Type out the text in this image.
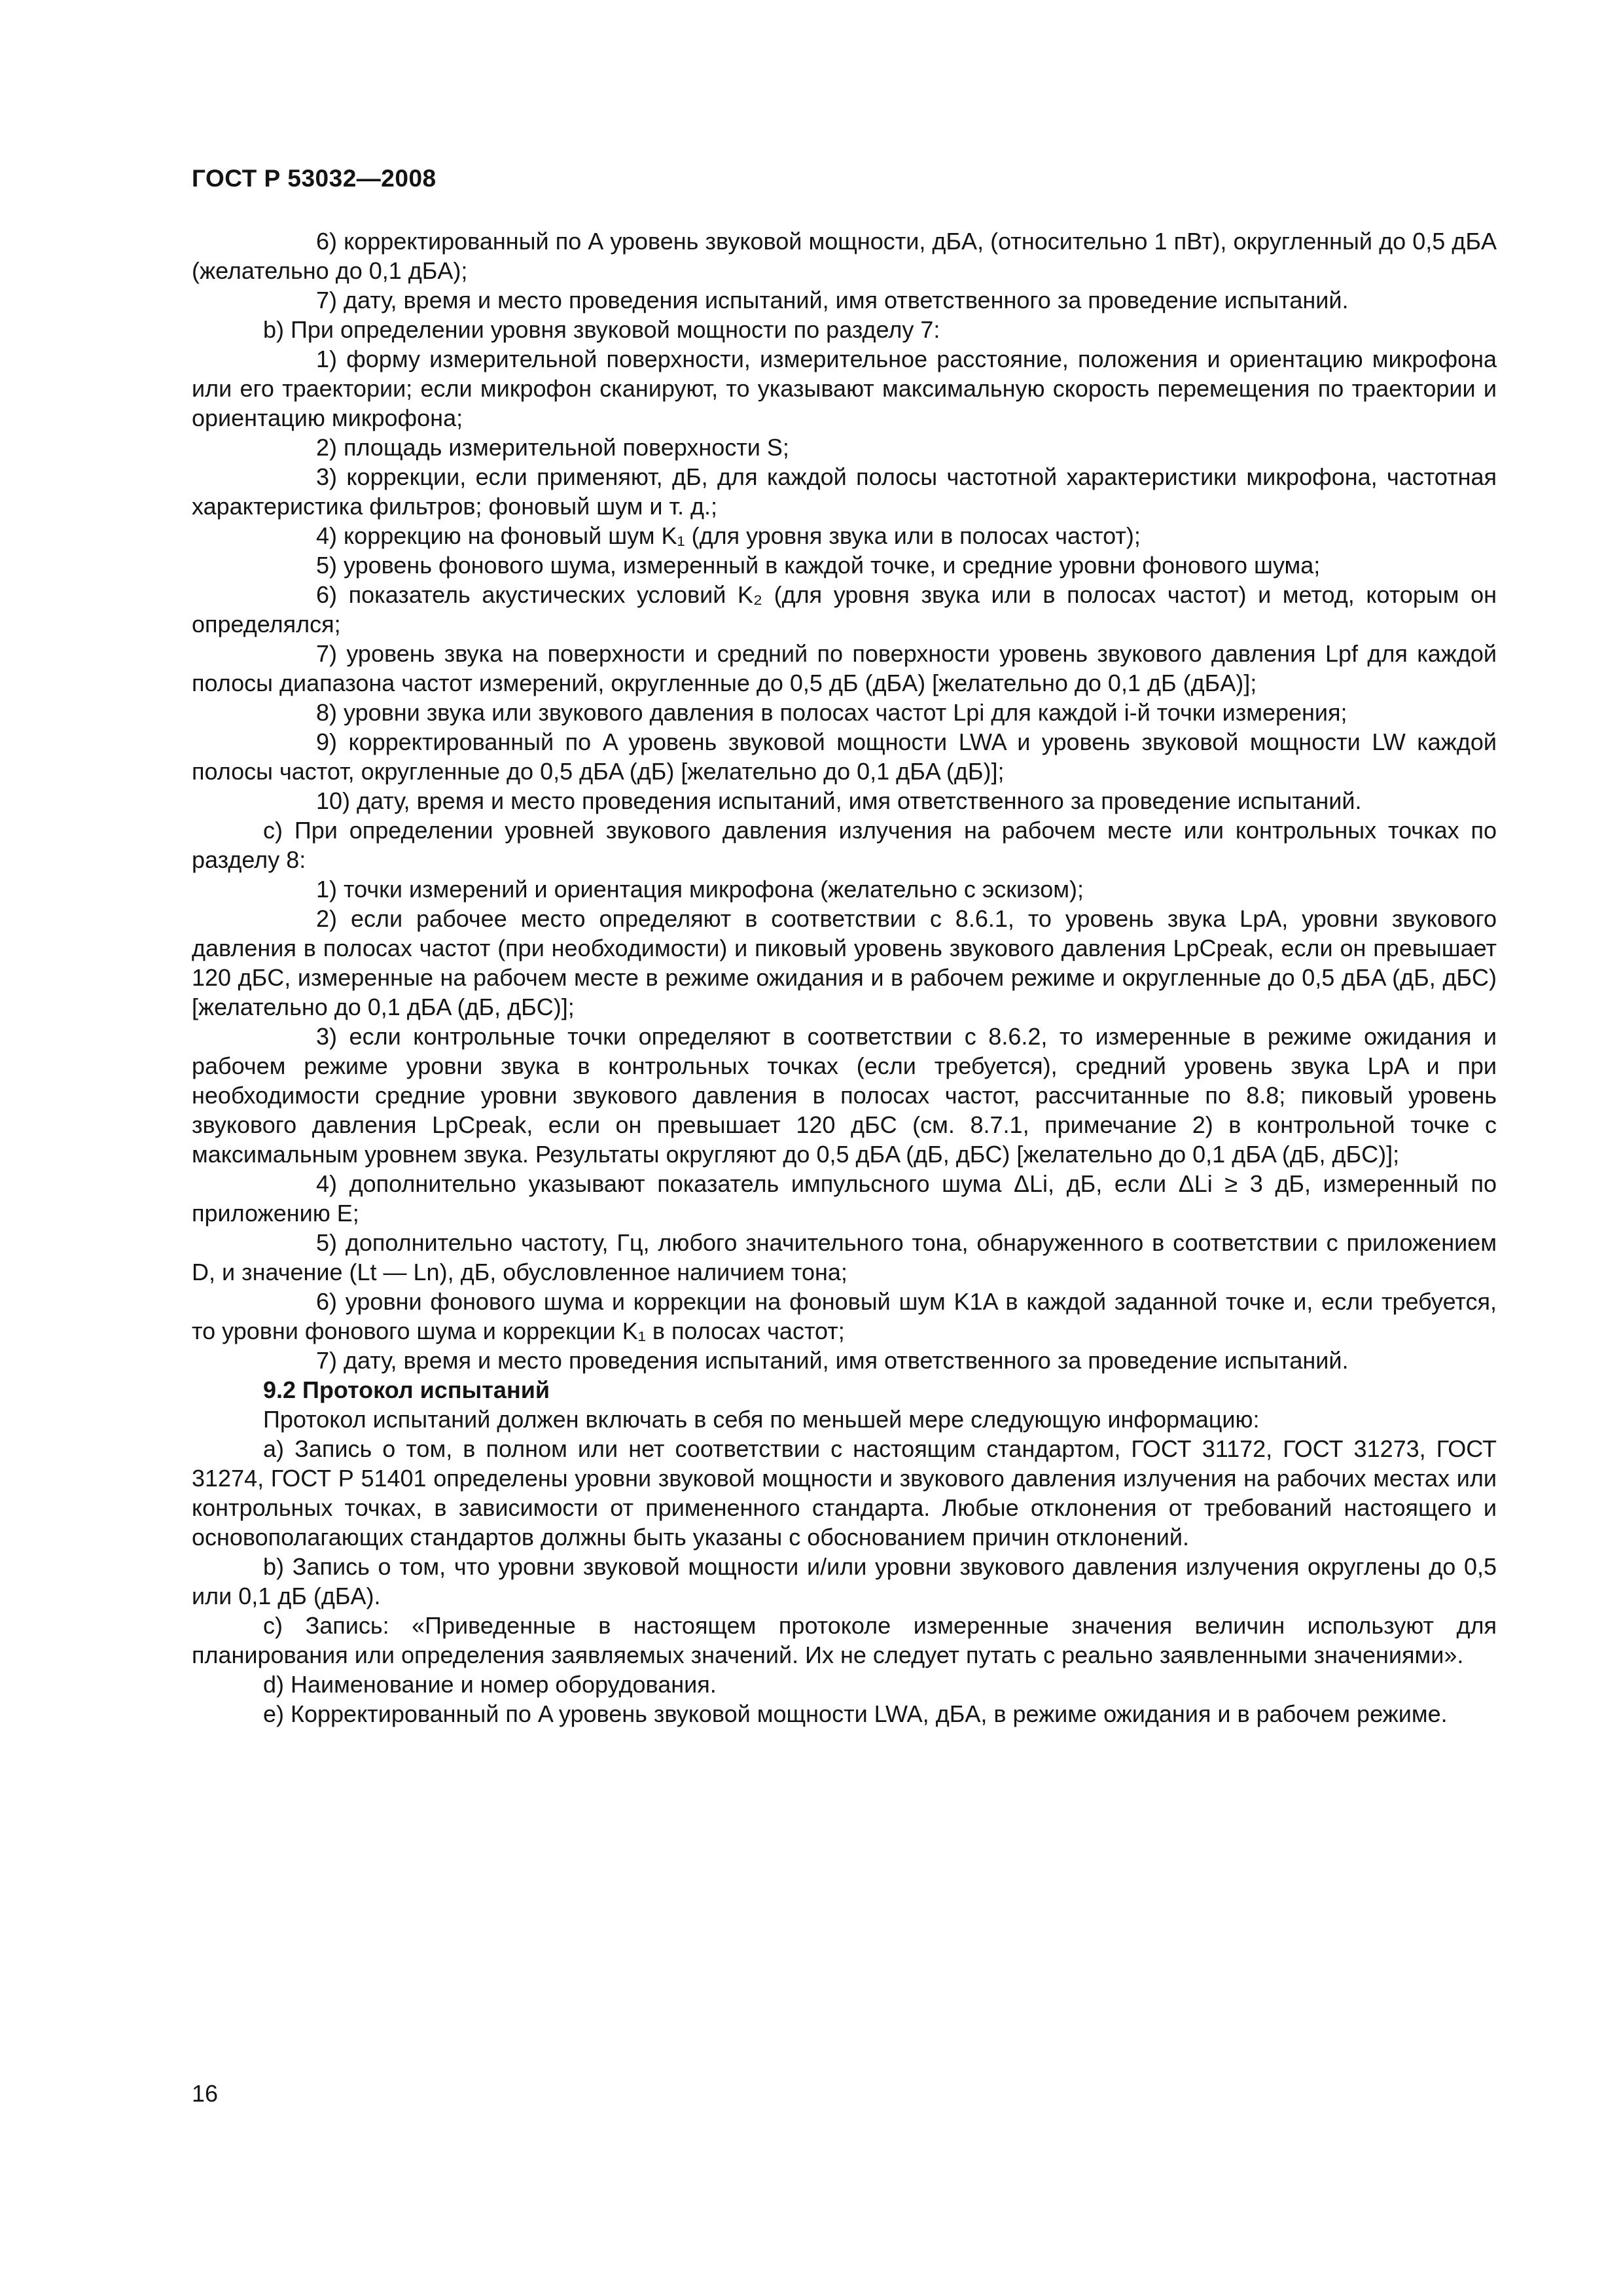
ГОСТ Р 53032—2008

6) корректированный по А уровень звуковой мощности, дБA, (относительно 1 пВт), округленный до 0,5 дБA (желательно до 0,1 дБA);

7) дату, время и место проведения испытаний, имя ответственного за проведение испытаний.

b) При определении уровня звуковой мощности по разделу 7:

1) форму измерительной поверхности, измерительное расстояние, положения и ориентацию микрофона или его траектории; если микрофон сканируют, то указывают максимальную скорость перемещения по траектории и ориентацию микрофона;

2) площадь измерительной поверхности S;

3) коррекции, если применяют, дБ, для каждой полосы частотной характеристики микрофона, частотная характеристика фильтров; фоновый шум и т. д.;

4) коррекцию на фоновый шум K₁ (для уровня звука или в полосах частот);

5) уровень фонового шума, измеренный в каждой точке, и средние уровни фонового шума;

6) показатель акустических условий K₂ (для уровня звука или в полосах частот) и метод, которым он определялся;

7) уровень звука на поверхности и средний по поверхности уровень звукового давления Lpf для каждой полосы диапазона частот измерений, округленные до 0,5 дБ (дБA) [желательно до 0,1 дБ (дБA)];

8) уровни звука или звукового давления в полосах частот Lpi для каждой i-й точки измерения;

9) корректированный по A уровень звуковой мощности LWA и уровень звуковой мощности LW каждой полосы частот, округленные до 0,5 дБA (дБ) [желательно до 0,1 дБA (дБ)];

10) дату, время и место проведения испытаний, имя ответственного за проведение испытаний.

c) При определении уровней звукового давления излучения на рабочем месте или контрольных точках по разделу 8:

1) точки измерений и ориентация микрофона (желательно с эскизом);

2) если рабочее место определяют в соответствии с 8.6.1, то уровень звука LpA, уровни звукового давления в полосах частот (при необходимости) и пиковый уровень звукового давления LpCpeak, если он превышает 120 дБC, измеренные на рабочем месте в режиме ожидания и в рабочем режиме и округленные до 0,5 дБA (дБ, дБC) [желательно до 0,1 дБA (дБ, дБC)];

3) если контрольные точки определяют в соответствии с 8.6.2, то измеренные в режиме ожидания и рабочем режиме уровни звука в контрольных точках (если требуется), средний уровень звука LpA и при необходимости средние уровни звукового давления в полосах частот, рассчитанные по 8.8; пиковый уровень звукового давления LpCpeak, если он превышает 120 дБC (см. 8.7.1, примечание 2) в контрольной точке с максимальным уровнем звука. Результаты округляют до 0,5 дБA (дБ, дБC) [желательно до 0,1 дБA (дБ, дБC)];

4) дополнительно указывают показатель импульсного шума ΔLi, дБ, если ΔLi ≥ 3 дБ, измеренный по приложению E;

5) дополнительно частоту, Гц, любого значительного тона, обнаруженного в соответствии с приложением D, и значение (Lt — Ln), дБ, обусловленное наличием тона;

6) уровни фонового шума и коррекции на фоновый шум K1A в каждой заданной точке и, если требуется, то уровни фонового шума и коррекции K₁ в полосах частот;

7) дату, время и место проведения испытаний, имя ответственного за проведение испытаний.

9.2 Протокол испытаний

Протокол испытаний должен включать в себя по меньшей мере следующую информацию:

а) Запись о том, в полном или нет соответствии с настоящим стандартом, ГОСТ 31172, ГОСТ 31273, ГОСТ 31274, ГОСТ Р 51401 определены уровни звуковой мощности и звукового давления излучения на рабочих местах или контрольных точках, в зависимости от примененного стандарта. Любые отклонения от требований настоящего и основополагающих стандартов должны быть указаны с обоснованием причин отклонений.

b) Запись о том, что уровни звуковой мощности и/или уровни звукового давления излучения округлены до 0,5 или 0,1 дБ (дБA).

c) Запись: «Приведенные в настоящем протоколе измеренные значения величин используют для планирования или определения заявляемых значений. Их не следует путать с реально заявленными значениями».

d) Наименование и номер оборудования.

e) Корректированный по A уровень звуковой мощности LWA, дБA, в режиме ожидания и в рабочем режиме.

16
